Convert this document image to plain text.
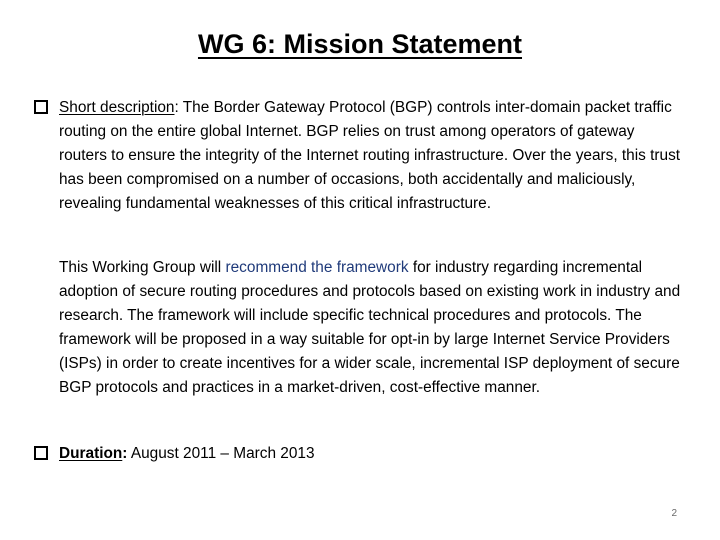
WG 6: Mission Statement
Short description: The Border Gateway Protocol (BGP) controls inter-domain packet traffic routing on the entire global Internet. BGP relies on trust among operators of gateway routers to ensure the integrity of the Internet routing infrastructure. Over the years, this trust has been compromised on a number of occasions, both accidentally and maliciously, revealing fundamental weaknesses of this critical infrastructure.
This Working Group will recommend the framework for industry regarding incremental adoption of secure routing procedures and protocols based on existing work in industry and research. The framework will include specific technical procedures and protocols. The framework will be proposed in a way suitable for opt-in by large Internet Service Providers (ISPs) in order to create incentives for a wider scale, incremental ISP deployment of secure BGP protocols and practices in a market-driven, cost-effective manner.
Duration: August 2011 – March 2013
2
